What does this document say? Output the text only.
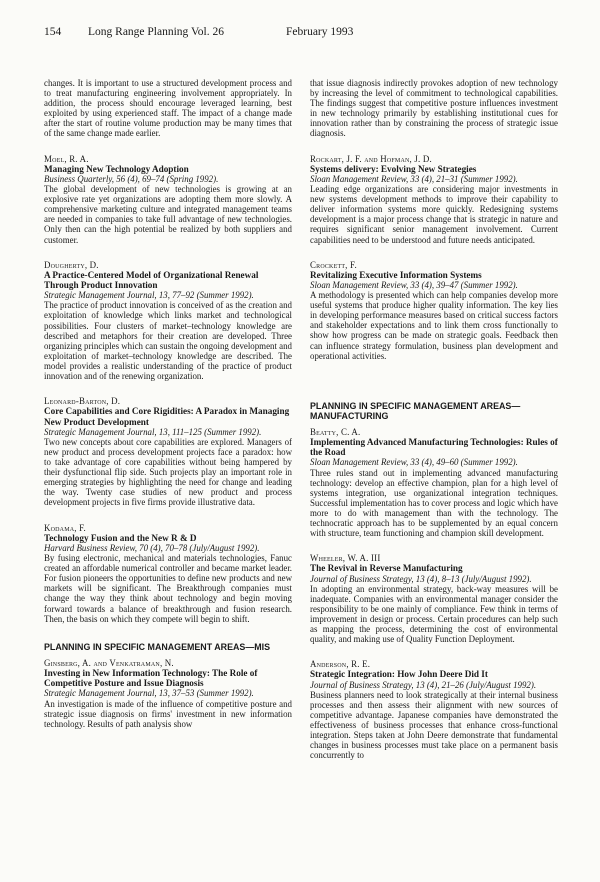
154 Long Range Planning Vol. 26	February 1993

changes. It is important to use a structured development process and to treat manufacturing engineering involvement appropriately. In addition, the process should encourage leveraged learning, best exploited by using experienced staff. The impact of a change made after the start of routine volume production may be many times that of the same change made earlier.

Moel, R. A.
Managing New Technology Adoption
Business Quarterly, 56 (4), 69–74 (Spring 1992).

The global development of new technologies is growing at an explosive rate yet organizations are adopting them more slowly. A comprehensive marketing culture and integrated management teams are needed in companies to take full advantage of new technologies. Only then can the high potential be realized by both suppliers and customer.

Dougherty, D.
A Practice-Centered Model of Organizational Renewal Through Product Innovation
Strategic Management Journal, 13, 77–92 (Summer 1992).

The practice of product innovation is conceived of as the creation and exploitation of knowledge which links market and technological possibilities. Four clusters of market–technology knowledge are described and metaphors for their creation are developed. Three organizing principles which can sustain the ongoing development and exploitation of market–technology knowledge are described. The model provides a realistic understanding of the practice of product innovation and of the renewing organization.

Leonard-Barton, D.
Core Capabilities and Core Rigidities: A Paradox in Managing New Product Development
Strategic Management Journal, 13, 111–125 (Summer 1992).

Two new concepts about core capabilities are explored. Managers of new product and process development projects face a paradox: how to take advantage of core capabilities without being hampered by their dysfunctional flip side. Such projects play an important role in emerging strategies by highlighting the need for change and leading the way. Twenty case studies of new product and process development projects in five firms provide illustrative data.

Kodama, F.
Technology Fusion and the New R & D
Harvard Business Review, 70 (4), 70–78 (July/August 1992).

By fusing electronic, mechanical and materials technologies, Fanuc created an affordable numerical controller and became market leader. For fusion pioneers the opportunities to define new products and new markets will be significant. The Breakthrough companies must change the way they think about technology and begin moving forward towards a balance of breakthrough and fusion research. Then, the basis on which they compete will begin to shift.

PLANNING IN SPECIFIC MANAGEMENT AREAS—MIS
Ginsberg, A. and Venkatraman, N.
Investing in New Information Technology: The Role of Competitive Posture and Issue Diagnosis
Strategic Management Journal, 13, 37–53 (Summer 1992).

An investigation is made of the influence of competitive posture and strategic issue diagnosis on firms' investment in new information technology. Results of path analysis show

that issue diagnosis indirectly provokes adoption of new technology by increasing the level of commitment to technological capabilities. The findings suggest that competitive posture influences investment in new technology primarily by establishing institutional cues for innovation rather than by constraining the process of strategic issue diagnosis.

Rockart, J. F. and Hofman, J. D.
Systems delivery: Evolving New Strategies
Sloan Management Review, 33 (4), 21–31 (Summer 1992).

Leading edge organizations are considering major investments in new systems development methods to improve their capability to deliver information systems more quickly. Redesigning systems development is a major process change that is strategic in nature and requires significant senior management involvement. Current capabilities need to be understood and future needs anticipated.

Crockett, F.
Revitalizing Executive Information Systems
Sloan Management Review, 33 (4), 39–47 (Summer 1992).

A methodology is presented which can help companies develop more useful systems that produce higher quality information. The key lies in developing performance measures based on critical success factors and stakeholder expectations and to link them cross functionally to show how progress can be made on strategic goals. Feedback then can influence strategy formulation, business plan development and operational activities.

PLANNING IN SPECIFIC MANAGEMENT AREAS—MANUFACTURING
Beatty, C. A.
Implementing Advanced Manufacturing Technologies: Rules of the Road
Sloan Management Review, 33 (4), 49–60 (Summer 1992).

Three rules stand out in implementing advanced manufacturing technology: develop an effective champion, plan for a high level of systems integration, use organizational integration techniques. Successful implementation has to cover process and logic which have more to do with management than with the technology. The technocratic approach has to be supplemented by an equal concern with structure, team functioning and champion skill development.

Wheeler, W. A. III
The Revival in Reverse Manufacturing
Journal of Business Strategy, 13 (4), 8–13 (July/August 1992).

In adopting an environmental strategy, back-way measures will be inadequate. Companies with an environmental manager consider the responsibility to be one mainly of compliance. Few think in terms of improvement in design or process. Certain procedures can help such as mapping the process, determining the cost of environmental quality, and making use of Quality Function Deployment.

Anderson, R. E.
Strategic Integration: How John Deere Did It
Journal of Business Strategy, 13 (4), 21–26 (July/August 1992).

Business planners need to look strategically at their internal business processes and then assess their alignment with new sources of competitive advantage. Japanese companies have demonstrated the effectiveness of business processes that enhance cross-functional integration. Steps taken at John Deere demonstrate that fundamental changes in business processes must take place on a permanent basis concurrently to
